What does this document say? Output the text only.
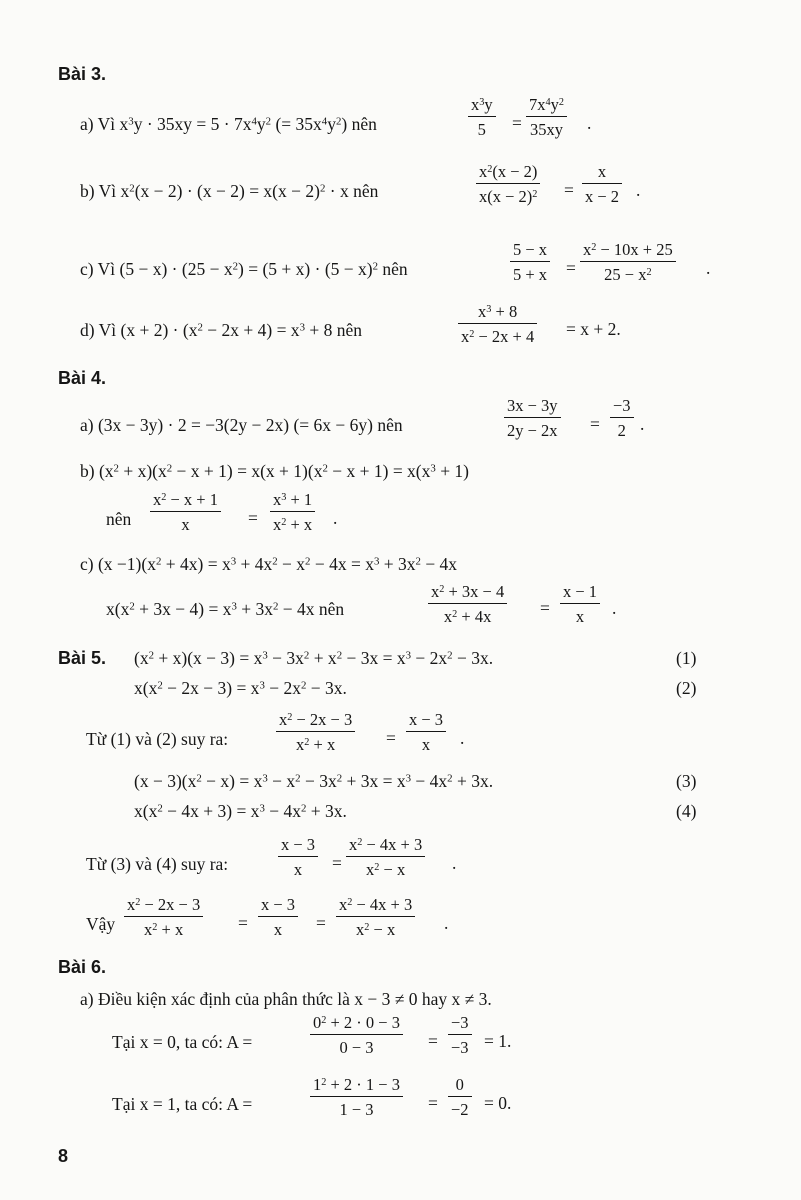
Bài 3.
a) Vì $x^3y \cdot 35xy = 5 \cdot 7x^4y^2$ (= $35x^4y^2$) nên	$\frac{x^3y}{5} = \frac{7x^4y^2}{35xy}$ .
b) Vì $x^2(x - 2) \cdot (x - 2) = x(x - 2)^2 \cdot x$ nên	$\frac{x^2(x - 2)}{x(x - 2)^2} = \frac{x}{x - 2}$ .
c) Vì $(5 - x) \cdot (25 - x^2) = (5 + x) \cdot (5 - x)^2$ nên	$\frac{5 - x}{5 + x} = \frac{x^2 - 10x + 25}{25 - x^2}$ .
d) Vì $(x + 2) \cdot (x^2 - 2x + 4) = x^3 + 8$ nên	$\frac{x^3 + 8}{x^2 - 2x + 4} = x + 2$.
Bài 4.
a) (3x − 3y) · 2 = −3(2y − 2x) (= 6x − 6y) nên	$\frac{3x - 3y}{2y - 2x} = \frac{-3}{2}$ .
b) $(x^2 + x)(x^2 - x + 1) = x(x + 1)(x^2 - x + 1) = x(x^3 + 1)$
nên $\frac{x^2 - x + 1}{x} = \frac{x^3 + 1}{x^2 + x}$ .
c) $(x -1)(x^2 + 4x) = x^3 + 4x^2 - x^2 - 4x = x^3 + 3x^2 - 4x$
$x(x^2 + 3x - 4) = x^3 + 3x^2 - 4x$ nên	$\frac{x^2 + 3x - 4}{x^2 + 4x} = \frac{x - 1}{x}$ .
Bài 5. $(x^2 + x)(x - 3) = x^3 - 3x^2 + x^2 - 3x = x^3 - 2x^2 - 3x$.	(1)
$x(x^2 - 2x - 3) = x^3 - 2x^2 - 3x$.	(2)
Từ (1) và (2) suy ra:	$\frac{x^2 - 2x - 3}{x^2 + x} = \frac{x - 3}{x}$ .
$(x - 3)(x^2 - x) = x^3 - x^2 - 3x^2 + 3x = x^3 - 4x^2 + 3x$.	(3)
$x(x^2 - 4x + 3) = x^3 - 4x^2 + 3x$.	(4)
Từ (3) và (4) suy ra:	$\frac{x - 3}{x} = \frac{x^2 - 4x + 3}{x^2 - x}$ .
Vậy $\frac{x^2 - 2x - 3}{x^2 + x} = \frac{x - 3}{x} = \frac{x^2 - 4x + 3}{x^2 - x}$ .
Bài 6.
a) Điều kiện xác định của phân thức là x − 3 ≠ 0 hay x ≠ 3.
Tại x = 0, ta có: A =	$\frac{0^2 + 2 \cdot 0 - 3}{0 - 3} = \frac{-3}{-3} = 1$.
Tại x = 1, ta có: A =	$\frac{1^2 + 2 \cdot 1 - 3}{1 - 3} = \frac{0}{-2} = 0$.
8
